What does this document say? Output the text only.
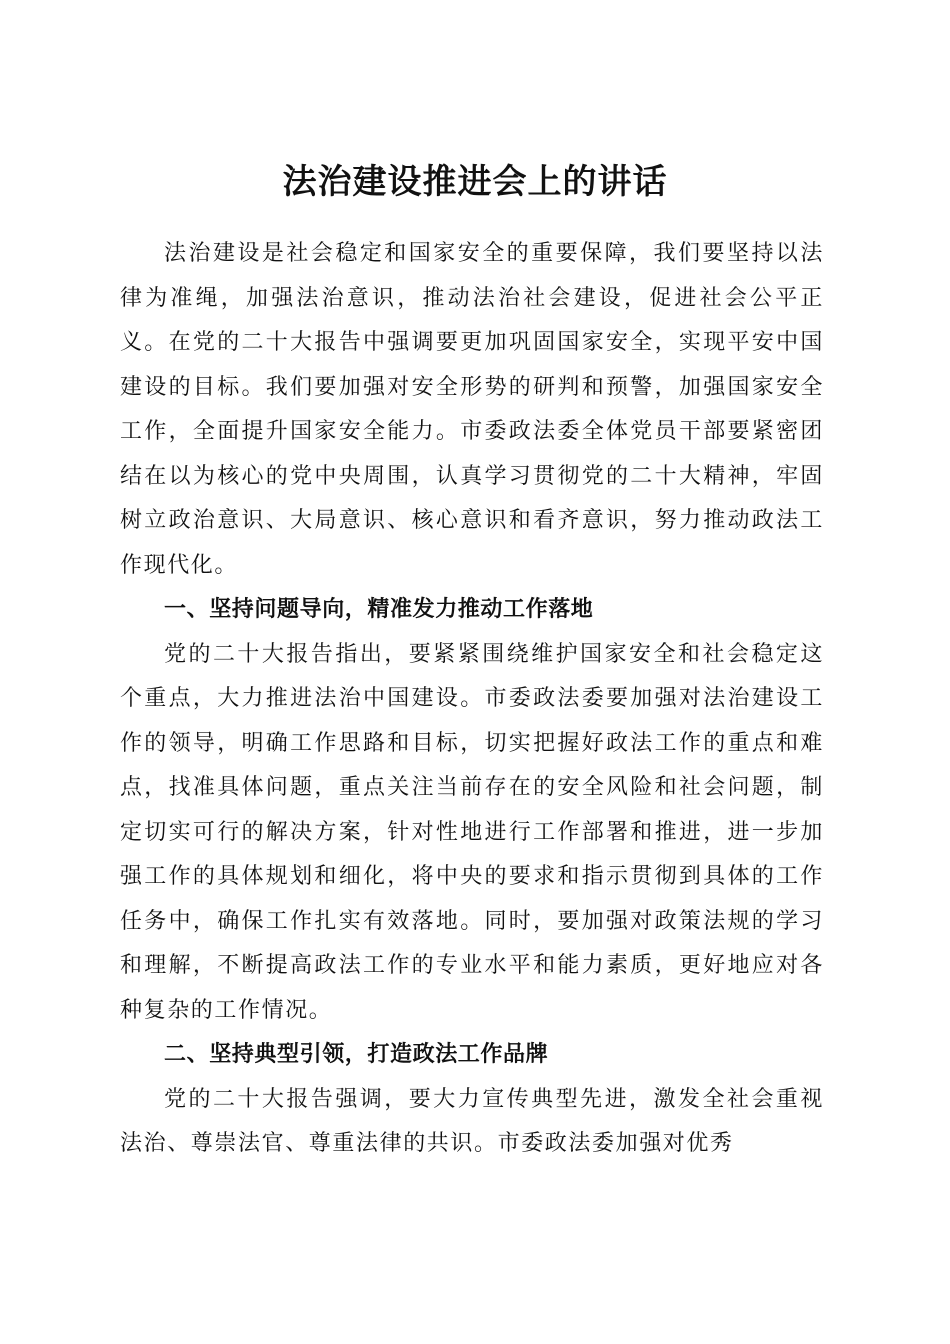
法治建设推进会上的讲话

法治建设是社会稳定和国家安全的重要保障，我们要坚持以法律为准绳，加强法治意识，推动法治社会建设，促进社会公平正义。在党的二十大报告中强调要更加巩固国家安全，实现平安中国建设的目标。我们要加强对安全形势的研判和预警，加强国家安全工作，全面提升国家安全能力。市委政法委全体党员干部要紧密团结在以为核心的党中央周围，认真学习贯彻党的二十大精神，牢固树立政治意识、大局意识、核心意识和看齐意识，努力推动政法工作现代化。

一、坚持问题导向，精准发力推动工作落地

党的二十大报告指出，要紧紧围绕维护国家安全和社会稳定这个重点，大力推进法治中国建设。市委政法委要加强对法治建设工作的领导，明确工作思路和目标，切实把握好政法工作的重点和难点，找准具体问题，重点关注当前存在的安全风险和社会问题，制定切实可行的解决方案，针对性地进行工作部署和推进，进一步加强工作的具体规划和细化，将中央的要求和指示贯彻到具体的工作任务中，确保工作扎实有效落地。同时，要加强对政策法规的学习和理解，不断提高政法工作的专业水平和能力素质，更好地应对各种复杂的工作情况。

二、坚持典型引领，打造政法工作品牌

党的二十大报告强调，要大力宣传典型先进，激发全社会重视法治、尊崇法官、尊重法律的共识。市委政法委加强对优秀
